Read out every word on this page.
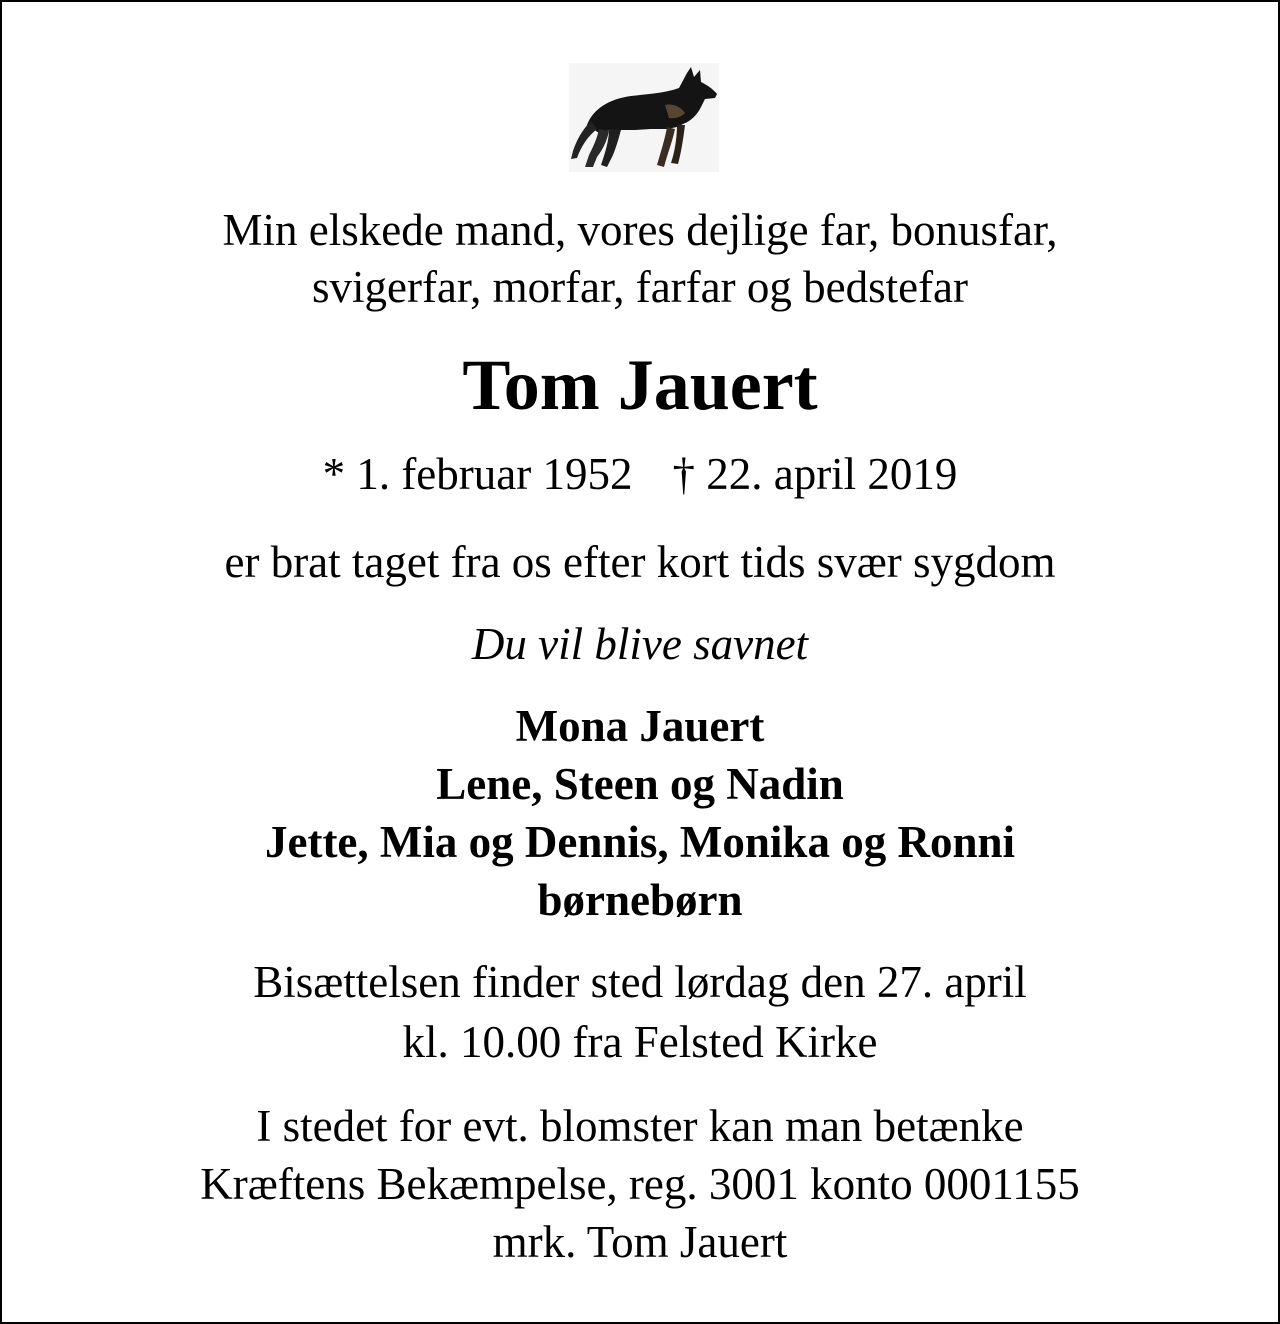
Min elskede mand, vores dejlige far, bonusfar,
svigerfar, morfar, farfar og bedstefar
Tom Jauert
* 1. februar 1952 † 22. april 2019
er brat taget fra os efter kort tids svær sygdom
Du vil blive savnet
Mona Jauert
Lene, Steen og Nadin
Jette, Mia og Dennis, Monika og Ronni
børnebørn
Bisættelsen finder sted lørdag den 27. april
kl. 10.00 fra Felsted Kirke
I stedet for evt. blomster kan man betænke
Kræftens Bekæmpelse, reg. 3001 konto 0001155
mrk. Tom Jauert
